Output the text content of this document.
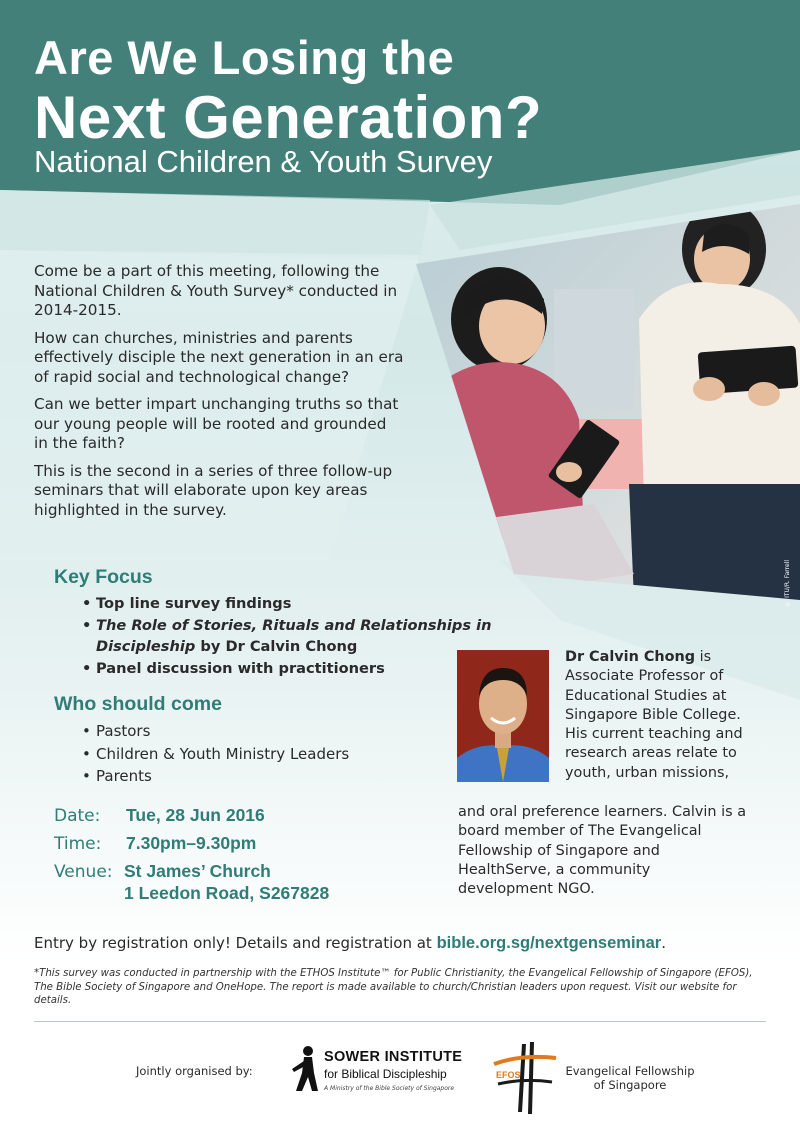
Are We Losing the
Next Generation?
National Children & Youth Survey

Come be a part of this meeting, following the National Children & Youth Survey* conducted in 2014-2015.

How can churches, ministries and parents effectively disciple the next generation in an era of rapid social and technological change?

Can we better impart unchanging truths so that our young people will be rooted and grounded in the faith?

This is the second in a series of three follow-up seminars that will elaborate upon key areas highlighted in the survey.

© ITU/R. Farrell
Key Focus
• Top line survey findings
• The Role of Stories, Rituals and Relationships in Discipleship by Dr Calvin Chong
• Panel discussion with practitioners
Who should come
• Pastors
• Children & Youth Ministry Leaders
• Parents
Date: Tue, 28 Jun 2016
Time: 7.30pm–9.30pm
Venue: St James’ Church
1 Leedon Road, S267828
Dr Calvin Chong is Associate Professor of Educational Studies at Singapore Bible College. His current teaching and research areas relate to youth, urban missions,
and oral preference learners. Calvin is a board member of The Evangelical Fellowship of Singapore and HealthServe, a community development NGO.
Entry by registration only! Details and registration at bible.org.sg/nextgenseminar.
*This survey was conducted in partnership with the ETHOS Institute™ for Public Christianity, the Evangelical Fellowship of Singapore (EFOS), The Bible Society of Singapore and OneHope. The report is made available to church/Christian leaders upon request. Visit our website for details.
Jointly organised by:
SOWER INSTITUTE
for Biblical Discipleship
A Ministry of the Bible Society of Singapore
EFOS	Evangelical Fellowship of Singapore
